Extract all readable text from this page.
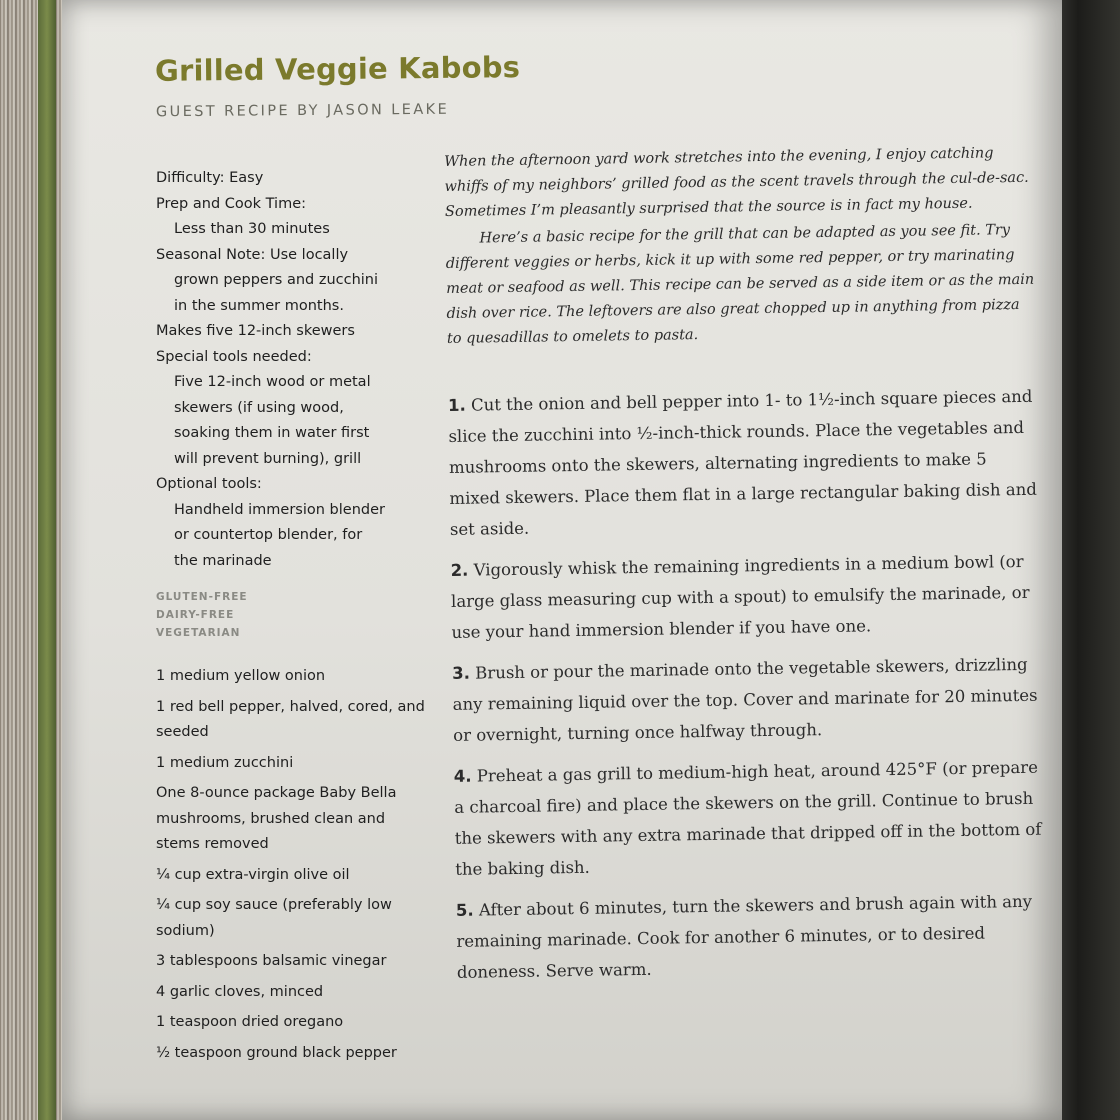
Grilled Veggie Kabobs
GUEST RECIPE BY JASON LEAKE
Difficulty: Easy
Prep and Cook Time:
Less than 30 minutes
Seasonal Note: Use locally
grown peppers and zucchini
in the summer months.
Makes five 12-inch skewers
Special tools needed:
Five 12-inch wood or metal
skewers (if using wood,
soaking them in water first
will prevent burning), grill
Optional tools:
Handheld immersion blender
or countertop blender, for
the marinade
GLUTEN-FREE
DAIRY-FREE
VEGETARIAN
1 medium yellow onion
1 red bell pepper, halved, cored, and seeded
1 medium zucchini
One 8-ounce package Baby Bella mushrooms, brushed clean and stems removed
¼ cup extra-virgin olive oil
¼ cup soy sauce (preferably low sodium)
3 tablespoons balsamic vinegar
4 garlic cloves, minced
1 teaspoon dried oregano
½ teaspoon ground black pepper

When the afternoon yard work stretches into the evening, I enjoy catching whiffs of my neighbors’ grilled food as the scent travels through the cul-de-sac. Sometimes I’m pleasantly surprised that the source is in fact my house.

Here’s a basic recipe for the grill that can be adapted as you see fit. Try different veggies or herbs, kick it up with some red pepper, or try marinating meat or seafood as well. This recipe can be served as a side item or as the main dish over rice. The leftovers are also great chopped up in anything from pizza to quesadillas to omelets to pasta.

1. Cut the onion and bell pepper into 1- to 1½-inch square pieces and slice the zucchini into ½-inch-thick rounds. Place the vegetables and mushrooms onto the skewers, alternating ingredients to make 5 mixed skewers. Place them flat in a large rectangular baking dish and set aside.
2. Vigorously whisk the remaining ingredients in a medium bowl (or large glass measuring cup with a spout) to emulsify the marinade, or use your hand immersion blender if you have one.
3. Brush or pour the marinade onto the vegetable skewers, drizzling any remaining liquid over the top. Cover and marinate for 20 minutes or overnight, turning once halfway through.
4. Preheat a gas grill to medium-high heat, around 425°F (or prepare a charcoal fire) and place the skewers on the grill. Continue to brush the skewers with any extra marinade that dripped off in the bottom of the baking dish.
5. After about 6 minutes, turn the skewers and brush again with any remaining marinade. Cook for another 6 minutes, or to desired doneness. Serve warm.
